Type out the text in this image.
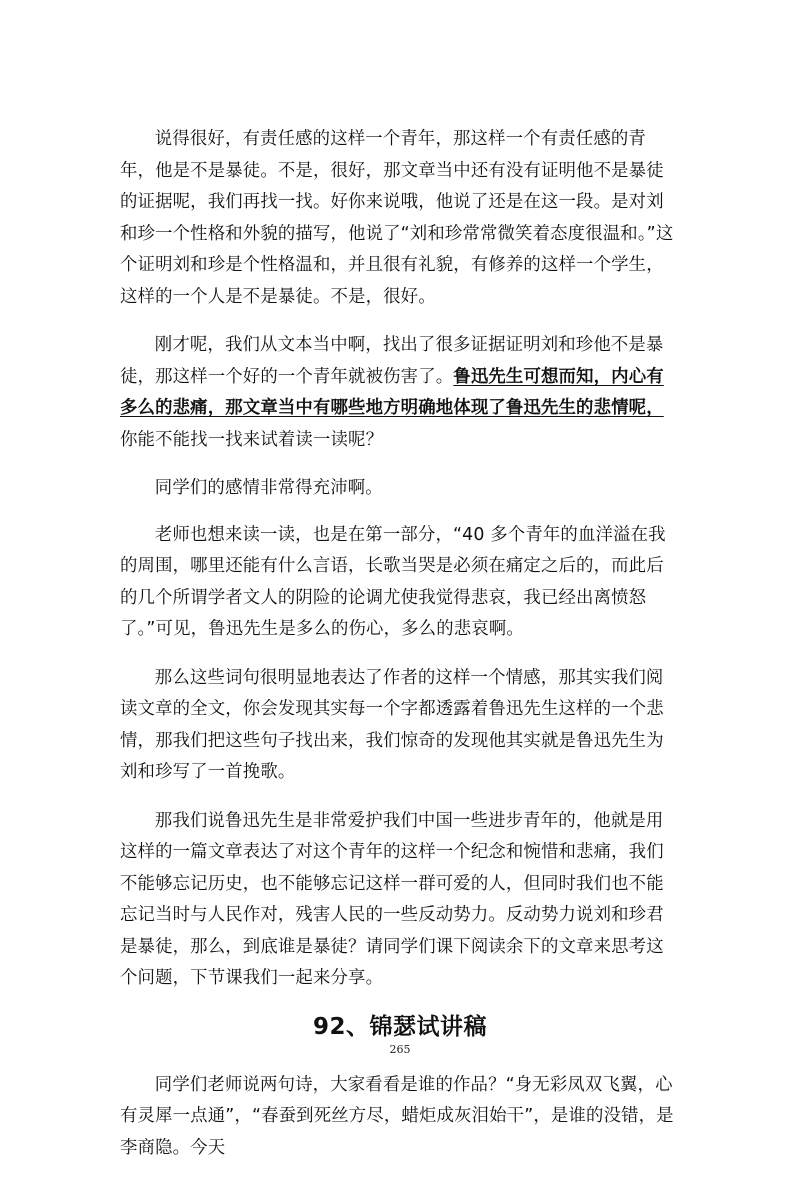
说得很好，有责任感的这样一个青年，那这样一个有责任感的青年，他是不是暴徒。不是，很好，那文章当中还有没有证明他不是暴徒的证据呢，我们再找一找。好你来说哦，他说了还是在这一段。是对刘和珍一个性格和外貌的描写，他说了“刘和珍常常微笑着态度很温和。”这个证明刘和珍是个性格温和，并且很有礼貌，有修养的这样一个学生，这样的一个人是不是暴徒。不是，很好。

刚才呢，我们从文本当中啊，找出了很多证据证明刘和珍他不是暴徒，那这样一个好的一个青年就被伤害了。鲁迅先生可想而知，内心有多么的悲痛，那文章当中有哪些地方明确地体现了鲁迅先生的悲情呢，你能不能找一找来试着读一读呢？

同学们的感情非常得充沛啊。

老师也想来读一读，也是在第一部分，“40 多个青年的血洋溢在我的周围，哪里还能有什么言语，长歌当哭是必须在痛定之后的，而此后的几个所谓学者文人的阴险的论调尤使我觉得悲哀，我已经出离愤怒了。”可见，鲁迅先生是多么的伤心，多么的悲哀啊。

那么这些词句很明显地表达了作者的这样一个情感，那其实我们阅读文章的全文，你会发现其实每一个字都透露着鲁迅先生这样的一个悲情，那我们把这些句子找出来，我们惊奇的发现他其实就是鲁迅先生为刘和珍写了一首挽歌。

那我们说鲁迅先生是非常爱护我们中国一些进步青年的，他就是用这样的一篇文章表达了对这个青年的这样一个纪念和惋惜和悲痛，我们不能够忘记历史，也不能够忘记这样一群可爱的人，但同时我们也不能忘记当时与人民作对，残害人民的一些反动势力。反动势力说刘和珍君是暴徒，那么，到底谁是暴徒？请同学们课下阅读余下的文章来思考这个问题，下节课我们一起来分享。

92、锦瑟试讲稿

同学们老师说两句诗，大家看看是谁的作品？“身无彩凤双飞翼，心有灵犀一点通”，“春蚕到死丝方尽，蜡炬成灰泪始干”，是谁的没错，是李商隐。今天

265
